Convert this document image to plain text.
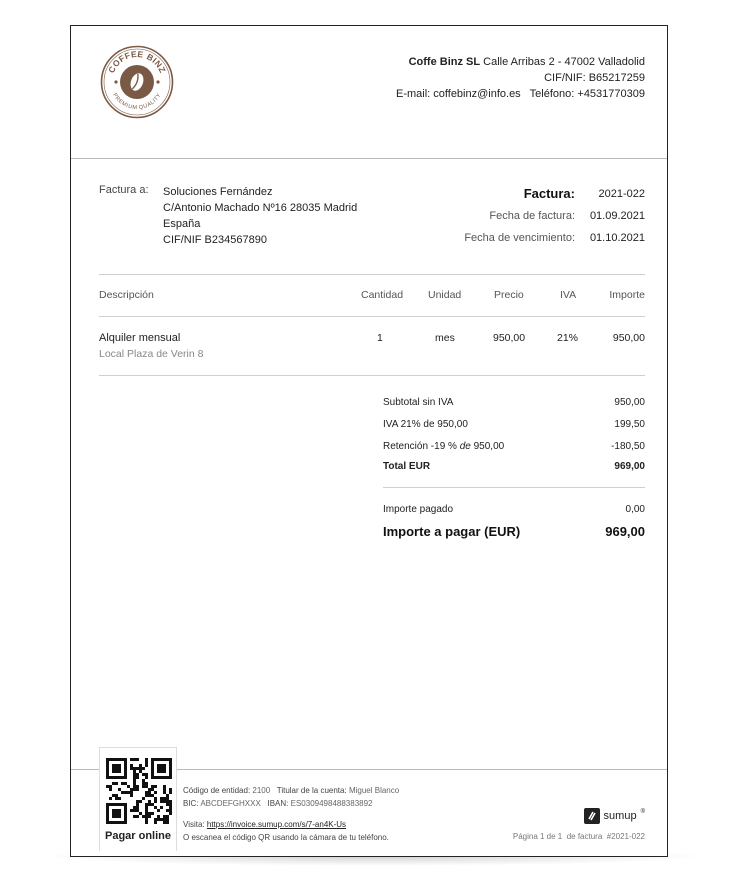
COFFEE BINZ
PREMIUM QUALITY
Coffe Binz SL Calle Arribas 2 - 47002 Valladolid
CIF/NIF: B65217259
E-mail: coffebinz@info.es Teléfono: +4531770309
Factura a: Soluciones Fernández
C/Antonio Machado Nº16 28035 Madrid
España
CIF/NIF B234567890
Factura: 2021-022
Fecha de factura: 01.09.2021
Fecha de vencimiento: 01.10.2021
Descripción	Cantidad Unidad	Precio	IVA	Importe
Alquiler mensual
Local Plaza de Verin 8
1	mes	950,00	21%	950,00
Subtotal sin IVA	950,00
IVA 21% de 950,00	199,50
Retención -19 % de 950,00	-180,50
Total EUR	969,00
Importe pagado	0,00
Importe a pagar (EUR)	969,00
Pagar online
Código de entidad: 2100 Titular de la cuenta: Miguel Blanco
BIC: ABCDEFGHXXX IBAN: ES0309498488383892
Visita: https://invoice.sumup.com/s/7-an4K-Us
O escanea el código QR usando la cámara de tu teléfono.
sumup ®
Página 1 de 1 de factura #2021-022
